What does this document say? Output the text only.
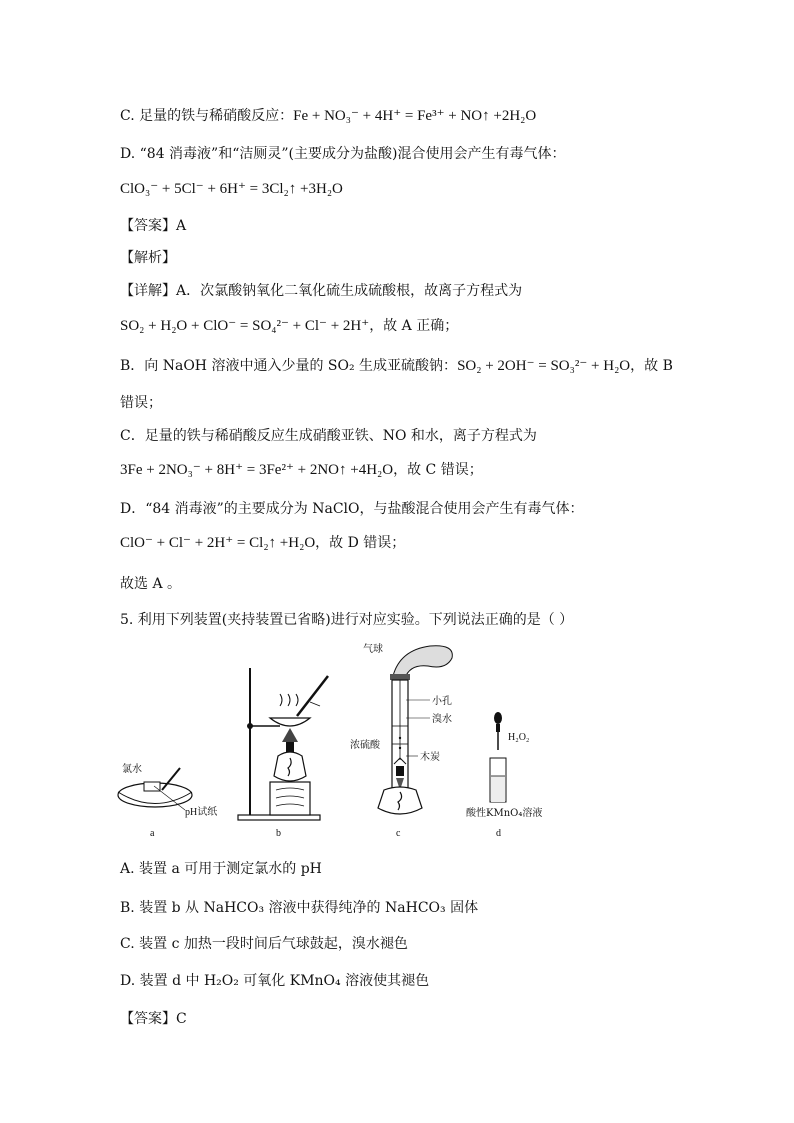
C. 足量的铁与稀硝酸反应：Fe + NO₃⁻ + 4H⁺ = Fe³⁺ + NO↑ +2H₂O
D. “84 消毒液”和“洁厕灵”(主要成分为盐酸)混合使用会产生有毒气体：
ClO₃⁻ + 5Cl⁻ + 6H⁺ = 3Cl₂↑ +3H₂O
【答案】A
【解析】
【详解】A．次氯酸钠氧化二氧化硫生成硫酸根，故离子方程式为
SO₂ + H₂O + ClO⁻ = SO₄²⁻ + Cl⁻ + 2H⁺，故 A 正确；
B．向 NaOH 溶液中通入少量的 SO₂ 生成亚硫酸钠：SO₂ + 2OH⁻ = SO₃²⁻ + H₂O，故 B
错误；
C．足量的铁与稀硝酸反应生成硝酸亚铁、NO 和水，离子方程式为
3Fe + 2NO₃⁻ + 8H⁺ = 3Fe²⁺ + 2NO↑ +4H₂O，故 C 错误；
D．“84 消毒液”的主要成分为 NaClO，与盐酸混合使用会产生有毒气体：
ClO⁻ + Cl⁻ + 2H⁺ = Cl₂↑ +H₂O，故 D 错误；
故选 A 。
5. 利用下列装置(夹持装置已省略)进行对应实验。下列说法正确的是（ ）
氯水
pH试纸
a	b
气球
小孔
溴水
浓硫酸
木炭
c
H₂O₂
酸性KMnO₄溶液
d
A. 装置 a 可用于测定氯水的 pH
B. 装置 b 从 NaHCO₃ 溶液中获得纯净的 NaHCO₃ 固体
C. 装置 c 加热一段时间后气球鼓起，溴水褪色
D. 装置 d 中 H₂O₂ 可氧化 KMnO₄ 溶液使其褪色
【答案】C
